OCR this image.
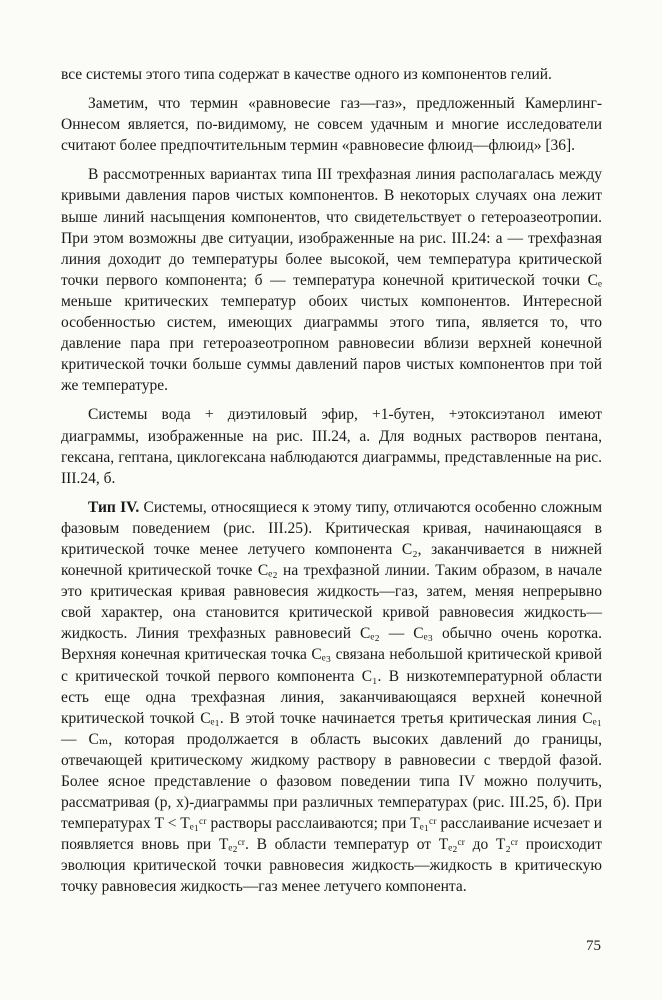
все системы этого типа содержат в качестве одного из компонентов гелий.

Заметим, что термин «равновесие газ—газ», предложенный Камерлинг-Оннесом является, по-видимому, не совсем удачным и многие исследователи считают более предпочтительным термин «равновесие флюид—флюид» [36].

В рассмотренных вариантах типа III трехфазная линия располагалась между кривыми давления паров чистых компонентов. В некоторых случаях она лежит выше линий насыщения компонентов, что свидетельствует о гетероазеотропии. При этом возможны две ситуации, изображенные на рис. III.24: а — трехфазная линия доходит до температуры более высокой, чем температура критической точки первого компонента; б — температура конечной критической точки Cₑ меньше критических температур обоих чистых компонентов. Интересной особенностью систем, имеющих диаграммы этого типа, является то, что давление пара при гетероазеотропном равновесии вблизи верхней конечной критической точки больше суммы давлений паров чистых компонентов при той же температуре.

Системы вода + диэтиловый эфир, +1-бутен, +этоксиэтанол имеют диаграммы, изображенные на рис. III.24, а. Для водных растворов пентана, гексана, гептана, циклогексана наблюдаются диаграммы, представленные на рис. III.24, б.

Тип IV. Системы, относящиеся к этому типу, отличаются особенно сложным фазовым поведением (рис. III.25). Критическая кривая, начинающаяся в критической точке менее летучего компонента C₂, заканчивается в нижней конечной критической точке Cₑ₂ на трехфазной линии. Таким образом, в начале это критическая кривая равновесия жидкость—газ, затем, меняя непрерывно свой характер, она становится критической кривой равновесия жидкость—жидкость. Линия трехфазных равновесий Cₑ₂ — Cₑ₃ обычно очень коротка. Верхняя конечная критическая точка Cₑ₃ связана небольшой критической кривой с критической точкой первого компонента C₁. В низкотемпературной области есть еще одна трехфазная линия, заканчивающаяся верхней конечной критической точкой Cₑ₁. В этой точке начинается третья критическая линия Cₑ₁ — Cₘ, которая продолжается в область высоких давлений до границы, отвечающей критическому жидкому раствору в равновесии с твердой фазой. Более ясное представление о фазовом поведении типа IV можно получить, рассматривая (p, x)-диаграммы при различных температурах (рис. III.25, б). При температурах T < Tₑ₁ᶜʳ растворы расслаиваются; при Tₑ₁ᶜʳ расслаивание исчезает и появляется вновь при Tₑ₂ᶜʳ. В области температур от Tₑ₂ᶜʳ до T₂ᶜʳ происходит эволюция критической точки равновесия жидкость—жидкость в критическую точку равновесия жидкость—газ менее летучего компонента.

75
